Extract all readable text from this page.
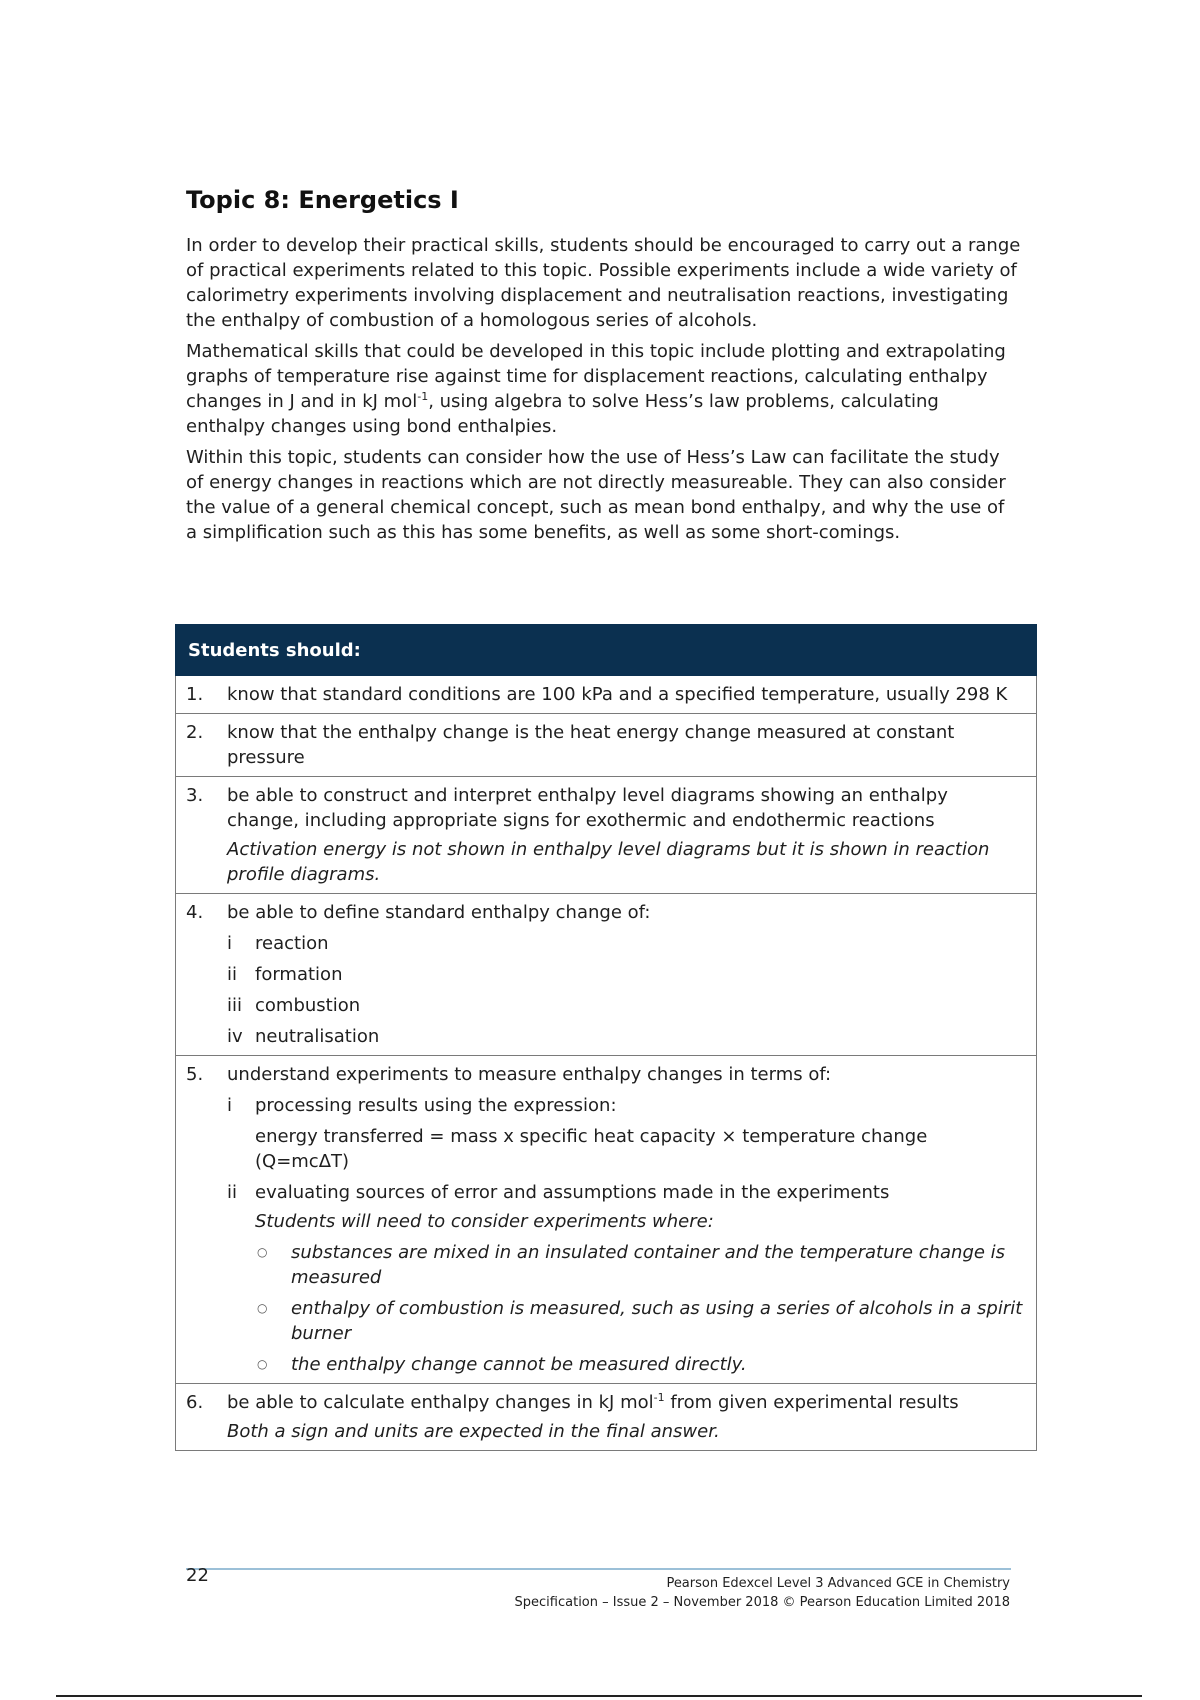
Topic 8: Energetics I

In order to develop their practical skills, students should be encouraged to carry out a range of practical experiments related to this topic. Possible experiments include a wide variety of calorimetry experiments involving displacement and neutralisation reactions, investigating the enthalpy of combustion of a homologous series of alcohols.

Mathematical skills that could be developed in this topic include plotting and extrapolating graphs of temperature rise against time for displacement reactions, calculating enthalpy changes in J and in kJ mol$^{-1}$, using algebra to solve Hess’s law problems, calculating enthalpy changes using bond enthalpies.

Within this topic, students can consider how the use of Hess’s Law can facilitate the study of energy changes in reactions which are not directly measureable. They can also consider the value of a general chemical concept, such as mean bond enthalpy, and why the use of a simplification such as this has some benefits, as well as some short-comings.

Students should:

1.	know that standard conditions are 100 kPa and a specified temperature, usually 298 K

2.	know that the enthalpy change is the heat energy change measured at constant pressure

3.	be able to construct and interpret enthalpy level diagrams showing an enthalpy change, including appropriate signs for exothermic and endothermic reactions
Activation energy is not shown in enthalpy level diagrams but it is shown in reaction profile diagrams.

4.	be able to define standard enthalpy change of:
i	reaction
ii formation
iii combustion
iv neutralisation

5.	understand experiments to measure enthalpy changes in terms of:
i	processing results using the expression:
energy transferred = mass x specific heat capacity × temperature change (Q=mcΔT)
ii evaluating sources of error and assumptions made in the experiments
Students will need to consider experiments where:
○	substances are mixed in an insulated container and the temperature change is measured
○	enthalpy of combustion is measured, such as using a series of alcohols in a spirit burner
○	the enthalpy change cannot be measured directly.

6.	be able to calculate enthalpy changes in kJ mol$^{-1}$ from given experimental results
Both a sign and units are expected in the final answer.
22	Pearson Edexcel Level 3 Advanced GCE in Chemistry
Specification – Issue 2 – November 2018 © Pearson Education Limited 2018
